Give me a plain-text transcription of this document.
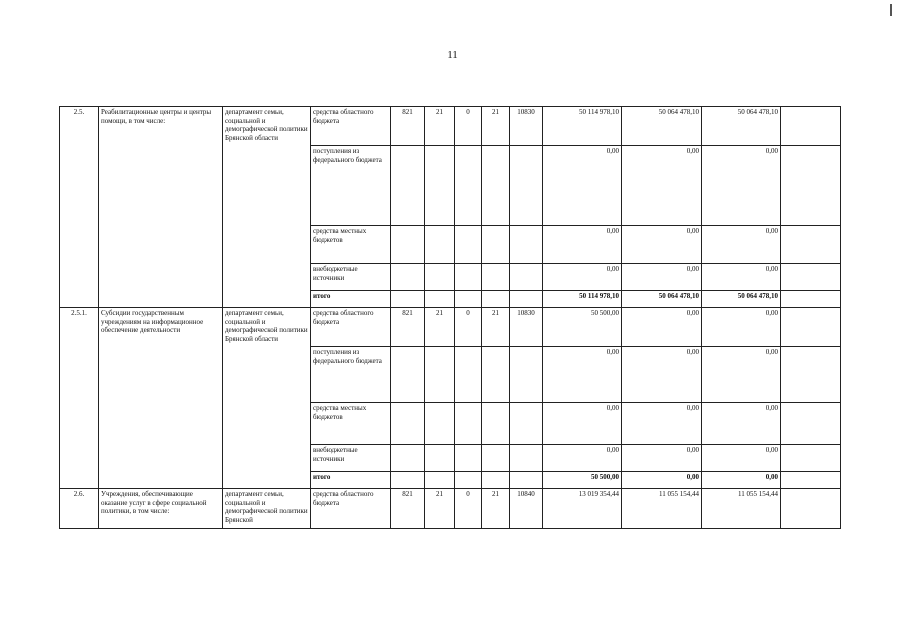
11
2.5.	Реабилитационные центры и центры помощи, в том числе:	департамент семьи, социальной и демографической политики Брянской области	средства областного бюджета	821	21	0	21	10830	50 114 978,10	50 064 478,10	50 064 478,10	
			поступления из федерального бюджета						0,00	0,00	0,00	
			средства местных бюджетов						0,00	0,00	0,00	
			внебюджетные источники						0,00	0,00	0,00	
			итого						50 114 978,10	50 064 478,10	50 064 478,10	
2.5.1.	Субсидии государственным учреждениям на информационное обеспечение деятельности	департамент семьи, социальной и демографической политики Брянской области	средства областного бюджета	821	21	0	21	10830	50 500,00	0,00	0,00	
			поступления из федерального бюджета						0,00	0,00	0,00	
			средства местных бюджетов						0,00	0,00	0,00	
			внебюджетные источники						0,00	0,00	0,00	
			итого						50 500,00	0,00	0,00	
2.6.	Учреждения, обеспечивающие оказание услуг в сфере социальной политики, в том числе:	департамент семьи, социальной и демографической политики Брянской	средства областного бюджета	821	21	0	21	10840	13 019 354,44	11 055 154,44	11 055 154,44	
